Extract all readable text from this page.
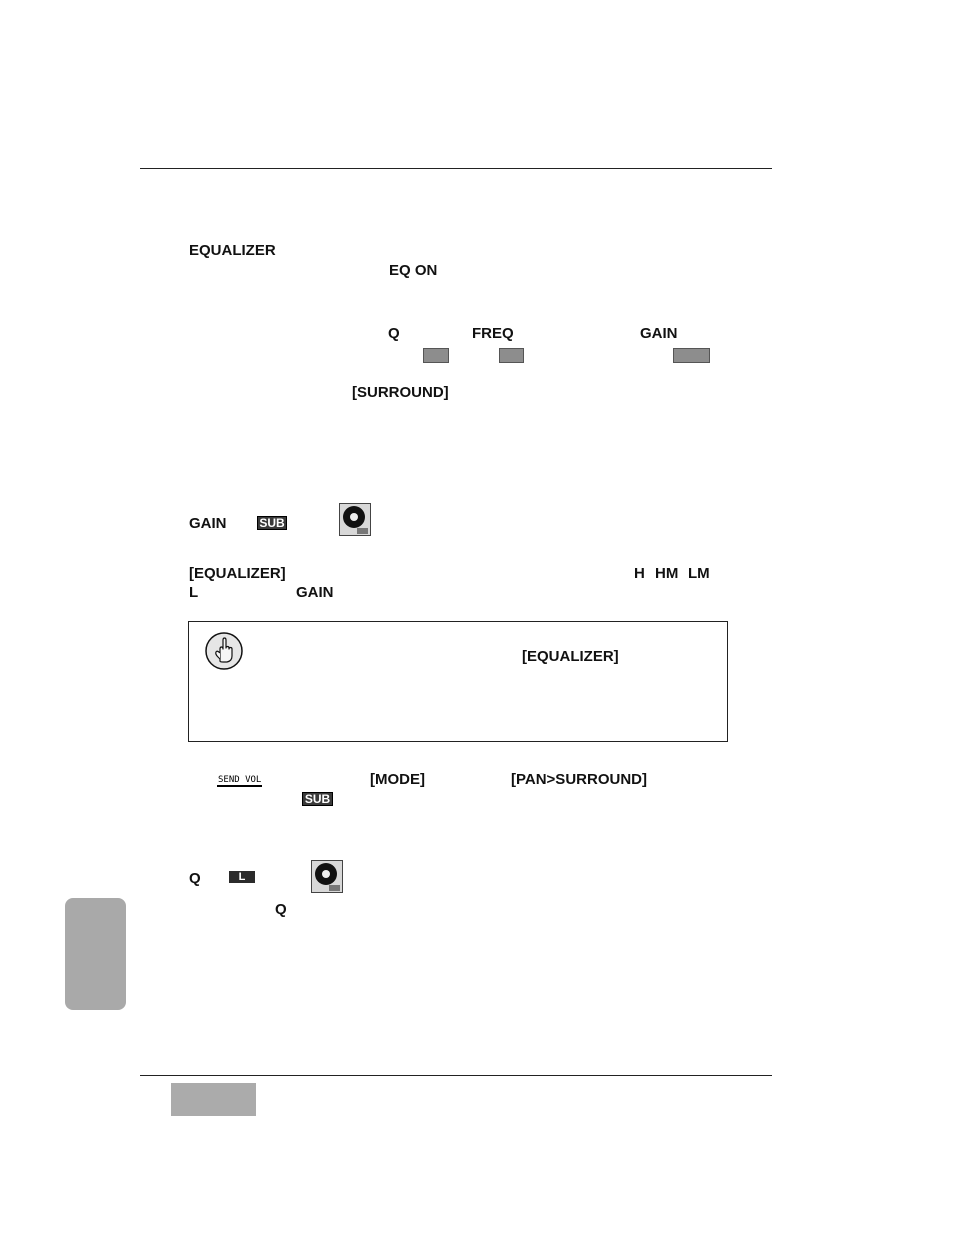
EQUALIZER
EQ ON
Q	FREQ	GAIN
[SURROUND]
GAIN	SUB
[EQUALIZER]	H HM LM
L	GAIN
[EQUALIZER]
SEND VOL	[MODE]	[PAN>SURROUND]
SUB
Q	L
Q
